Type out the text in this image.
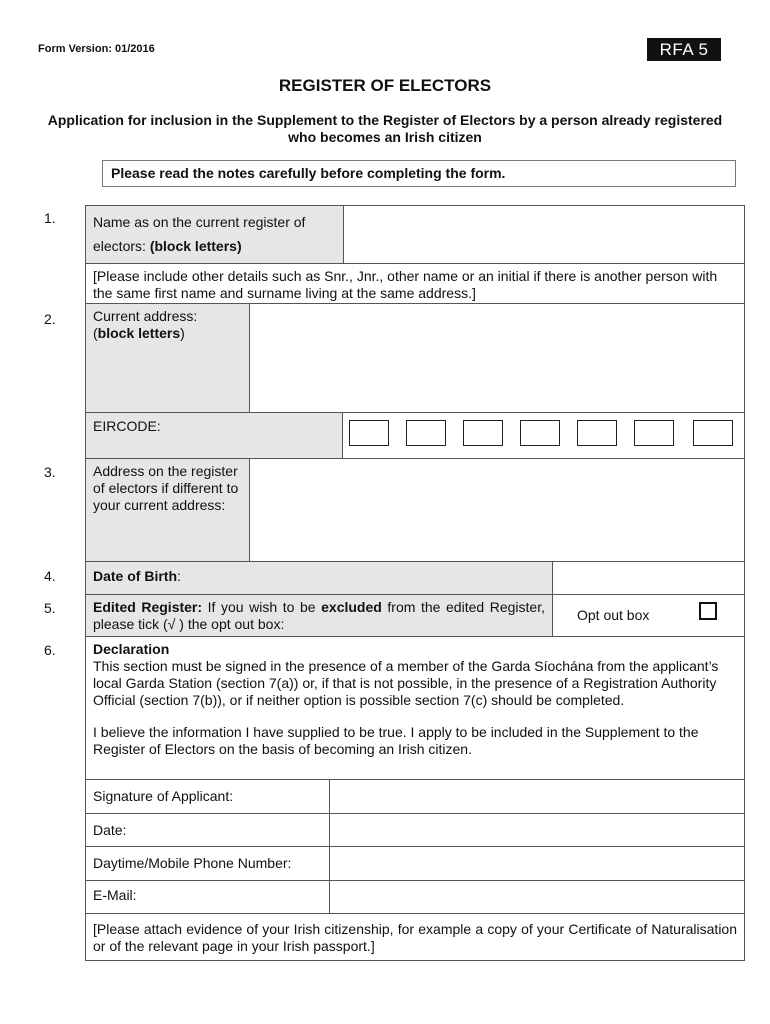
Form Version: 01/2016	RFA 5
REGISTER OF ELECTORS
Application for inclusion in the Supplement to the Register of Electors by a person already registered who becomes an Irish citizen
Please read the notes carefully before completing the form.
1.	Name as on the current register of
electors: (block letters)
[Please include other details such as Snr., Jnr., other name or an initial if there is another person with the same first name and surname living at the same address.]
2.	Current address:
(block letters)
EIRCODE:
3.	Address on the register of electors if different to your current address:
4.	Date of Birth:
5.	Edited Register: If you wish to be excluded from the edited Register, please tick (√ ) the opt out box:
Opt out box
6.	Declaration
This section must be signed in the presence of a member of the Garda Síochána from the applicant’s local Garda Station (section 7(a)) or, if that is not possible, in the presence of a Registration Authority Official (section 7(b)), or if neither option is possible section 7(c) should be completed.
I believe the information I have supplied to be true. I apply to be included in the Supplement to the Register of Electors on the basis of becoming an Irish citizen.
Signature of Applicant:
Date:
Daytime/Mobile Phone Number:
E-Mail:
[Please attach evidence of your Irish citizenship, for example a copy of your Certificate of Naturalisation or of the relevant page in your Irish passport.]
